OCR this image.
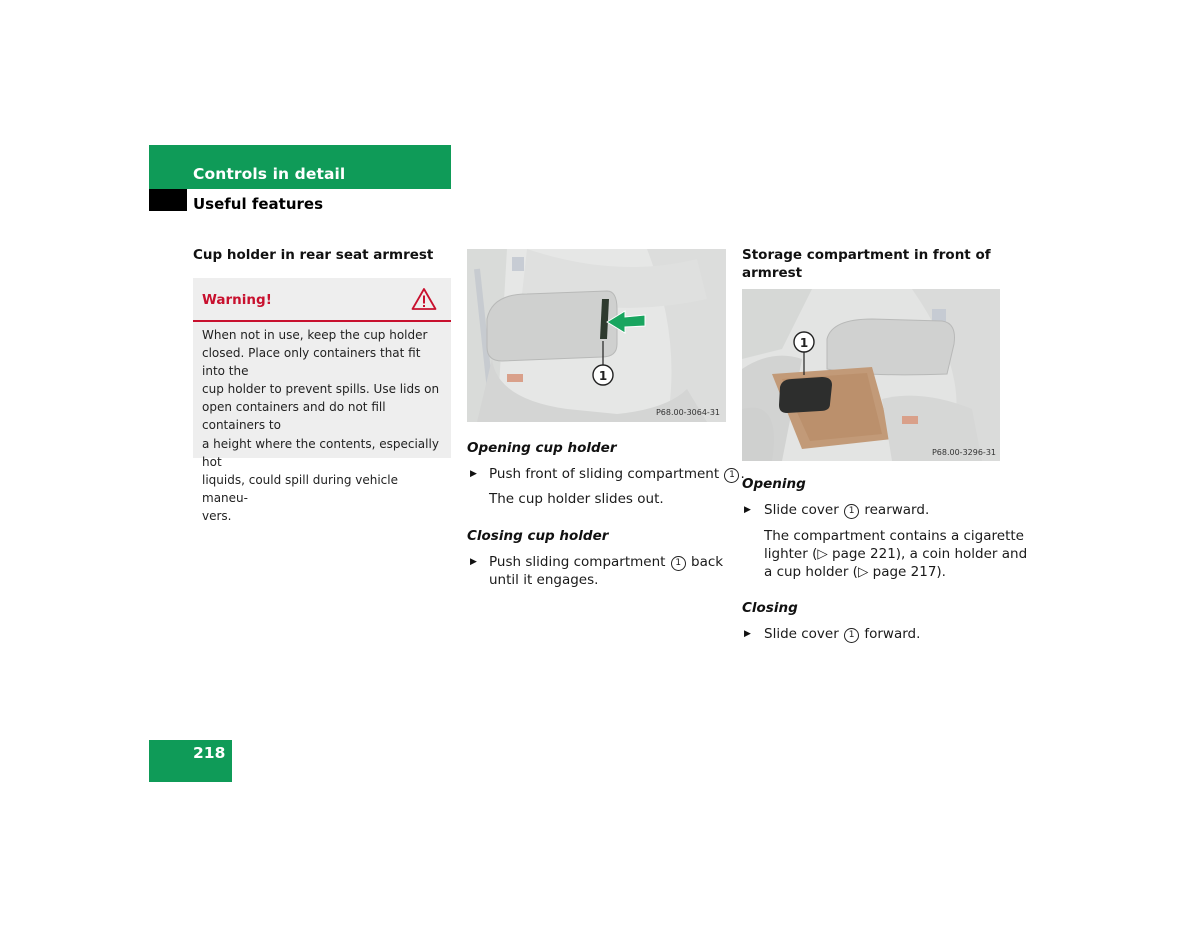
Controls in detail
Useful features
Cup holder in rear seat armrest
Warning!
When not in use, keep the cup holder
closed. Place only containers that fit into the
cup holder to prevent spills. Use lids on
open containers and do not fill containers to
a height where the contents, especially hot
liquids, could spill during vehicle maneu-
vers.
1
P68.00-3064-31
Opening cup holder
▶ Push front of sliding compartment 1 .
The cup holder slides out.
Closing cup holder
▶ Push sliding compartment 1 back
until it engages.
Storage compartment in front of
armrest
1
P68.00-3296-31
Opening
▶ Slide cover 1 rearward.
The compartment contains a cigarette
lighter (▷ page 221), a coin holder and
a cup holder (▷ page 217).
Closing
▶ Slide cover 1 forward.
218
